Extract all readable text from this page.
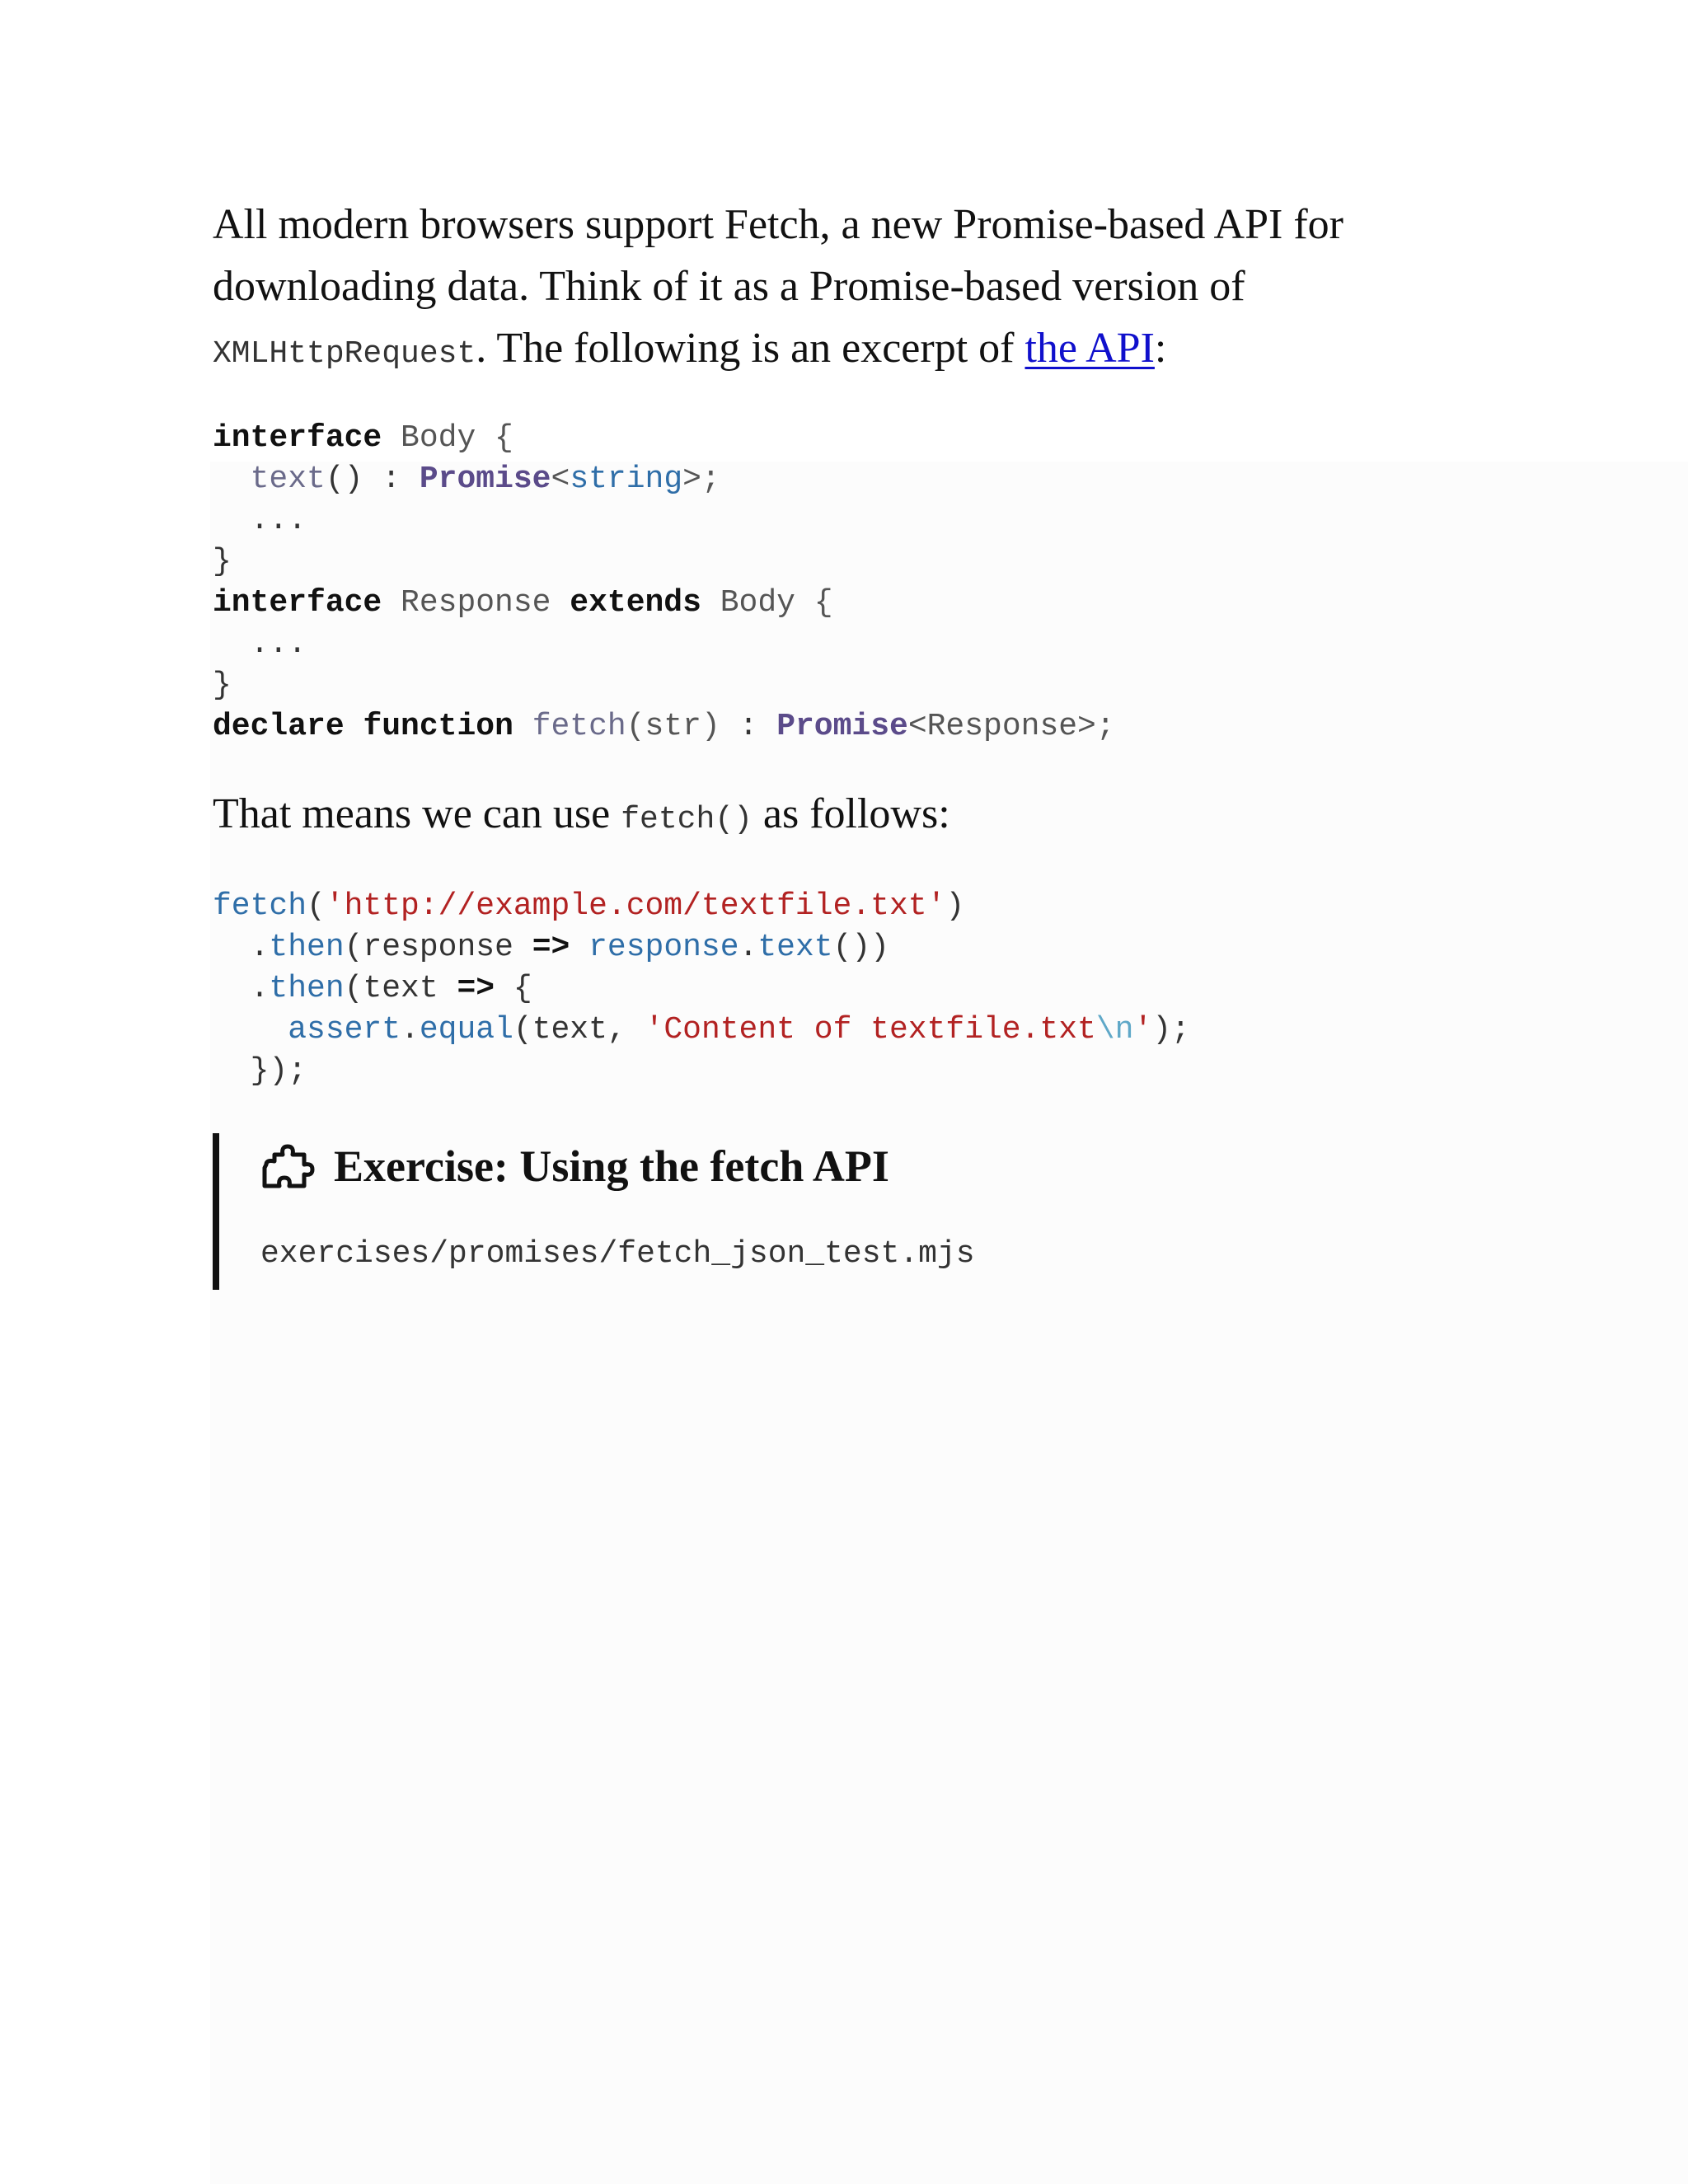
All modern browsers support Fetch, a new Promise-based API for downloading data. Think of it as a Promise-based version of XMLHttpRequest. The following is an excerpt of the API:

interface Body {
text() : Promise<string>;
...
}
interface Response extends Body {
...
}
declare function fetch(str) : Promise<Response>;

That means we can use fetch() as follows:

fetch('http://example.com/textfile.txt')
.then(response => response.text())
.then(text => {
assert.equal(text, 'Content of textfile.txt\n');
});
Exercise: Using the fetch API
exercises/promises/fetch_json_test.mjs
